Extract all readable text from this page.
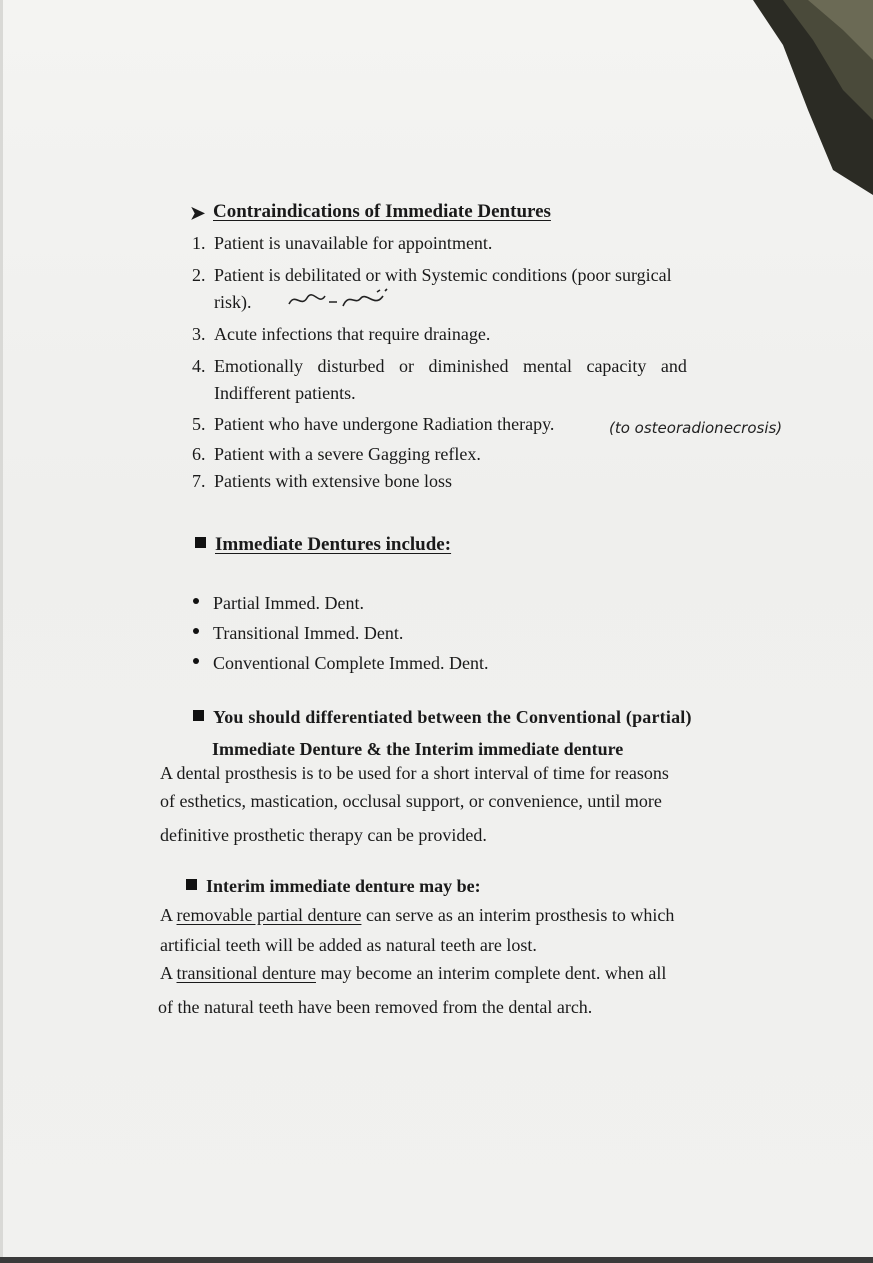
➤ Contraindications of Immediate Dentures
1. Patient is unavailable for appointment.
2. Patient is debilitated or with Systemic conditions (poor surgical
risk).
3. Acute infections that require drainage.
4. Emotionally disturbed or diminished mental capacity and
Indifferent patients.
5. Patient who have undergone Radiation therapy.	(to osteoradionecrosis)
6. Patient with a severe Gagging reflex.
7. Patients with extensive bone loss
Immediate Dentures include:
Partial Immed. Dent.
Transitional Immed. Dent.
Conventional Complete Immed. Dent.
You should differentiated between the Conventional (partial)
Immediate Denture & the Interim immediate denture
A dental prosthesis is to be used for a short interval of time for reasons
of esthetics, mastication, occlusal support, or convenience, until more
definitive prosthetic therapy can be provided.
Interim immediate denture may be:
A removable partial denture can serve as an interim prosthesis to which
artificial teeth will be added as natural teeth are lost.
A transitional denture may become an interim complete dent. when all
of the natural teeth have been removed from the dental arch.
